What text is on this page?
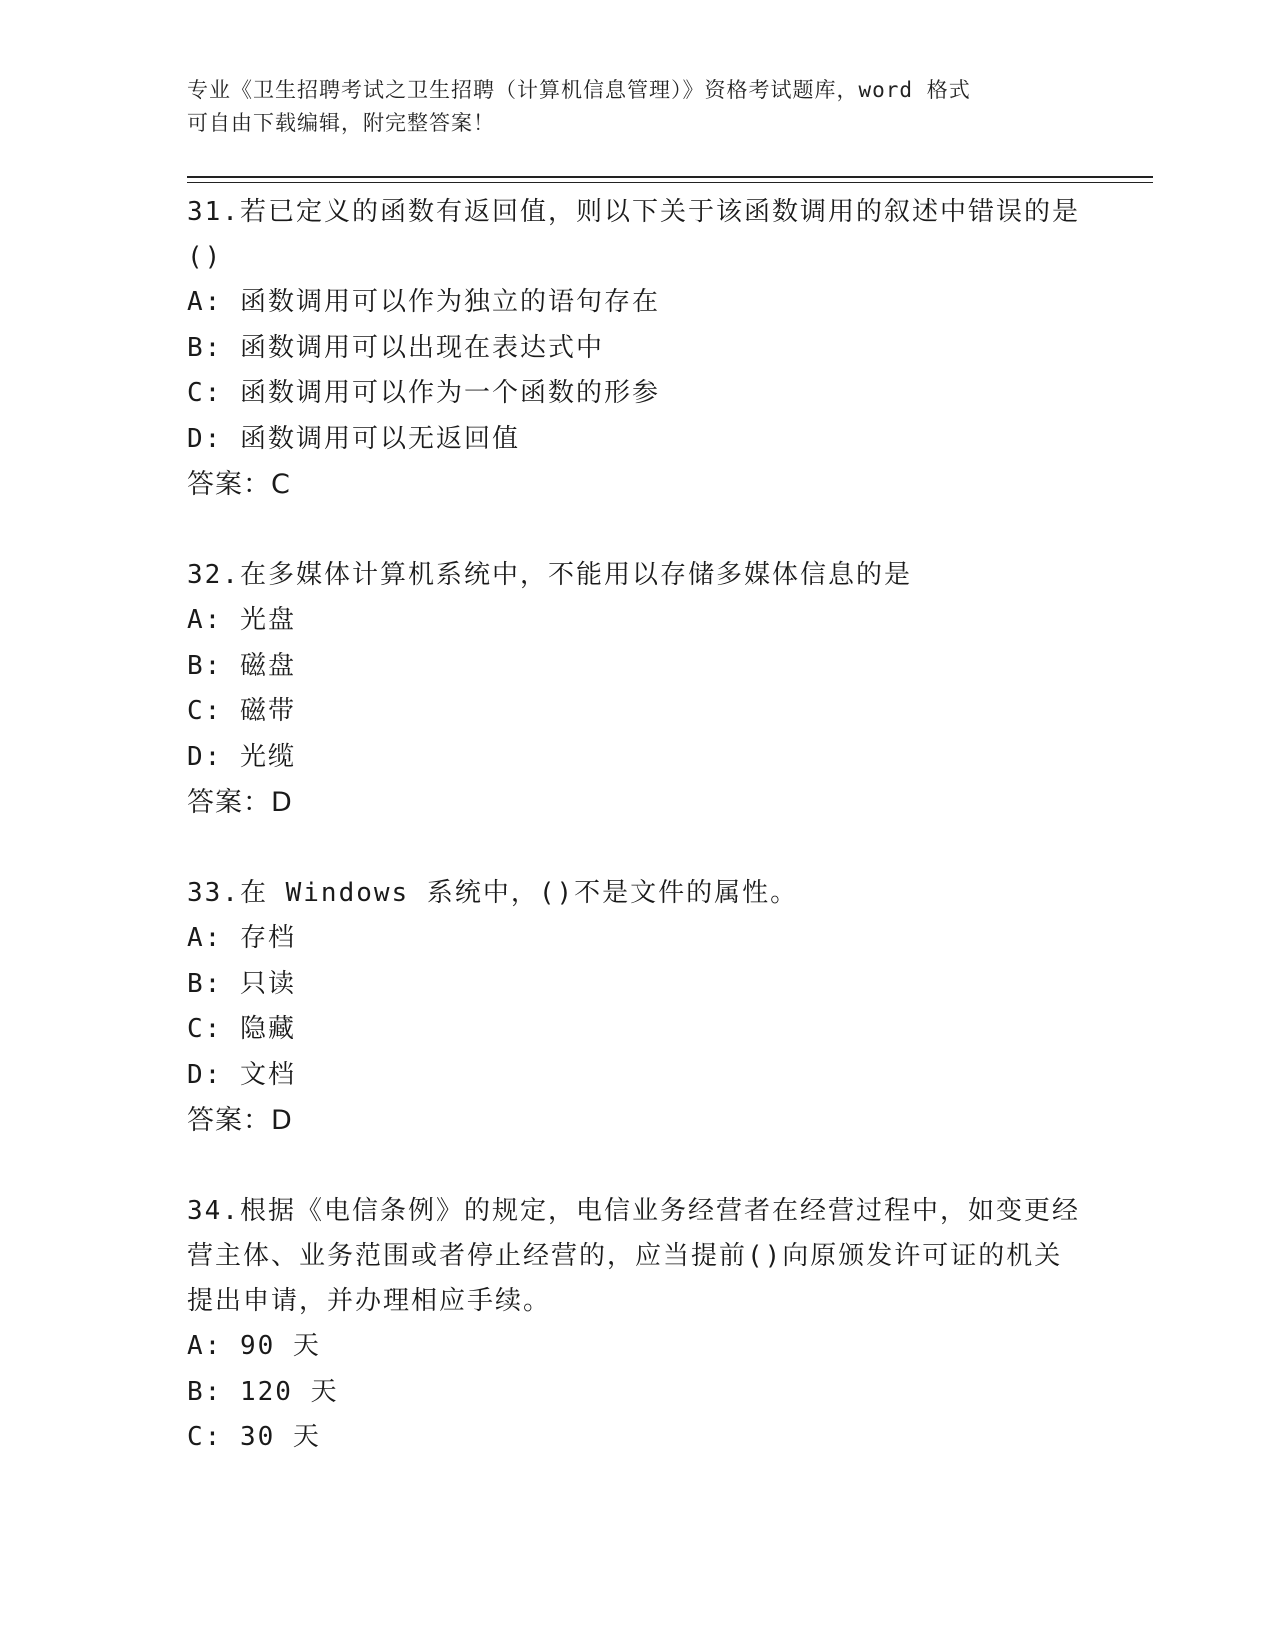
专业《卫生招聘考试之卫生招聘（计算机信息管理）》资格考试题库，word 格式
可自由下载编辑，附完整答案！
31.若已定义的函数有返回值，则以下关于该函数调用的叙述中错误的是()
A: 函数调用可以作为独立的语句存在
B: 函数调用可以出现在表达式中
C: 函数调用可以作为一个函数的形参
D: 函数调用可以无返回值
答案：C
32.在多媒体计算机系统中，不能用以存储多媒体信息的是
A: 光盘
B: 磁盘
C: 磁带
D: 光缆
答案：D
33.在 Windows 系统中，()不是文件的属性。
A: 存档
B: 只读
C: 隐藏
D: 文档
答案：D
34.根据《电信条例》的规定，电信业务经营者在经营过程中，如变更经营主体、业务范围或者停止经营的，应当提前()向原颁发许可证的机关提出申请，并办理相应手续。
A: 90 天
B: 120 天
C: 30 天
